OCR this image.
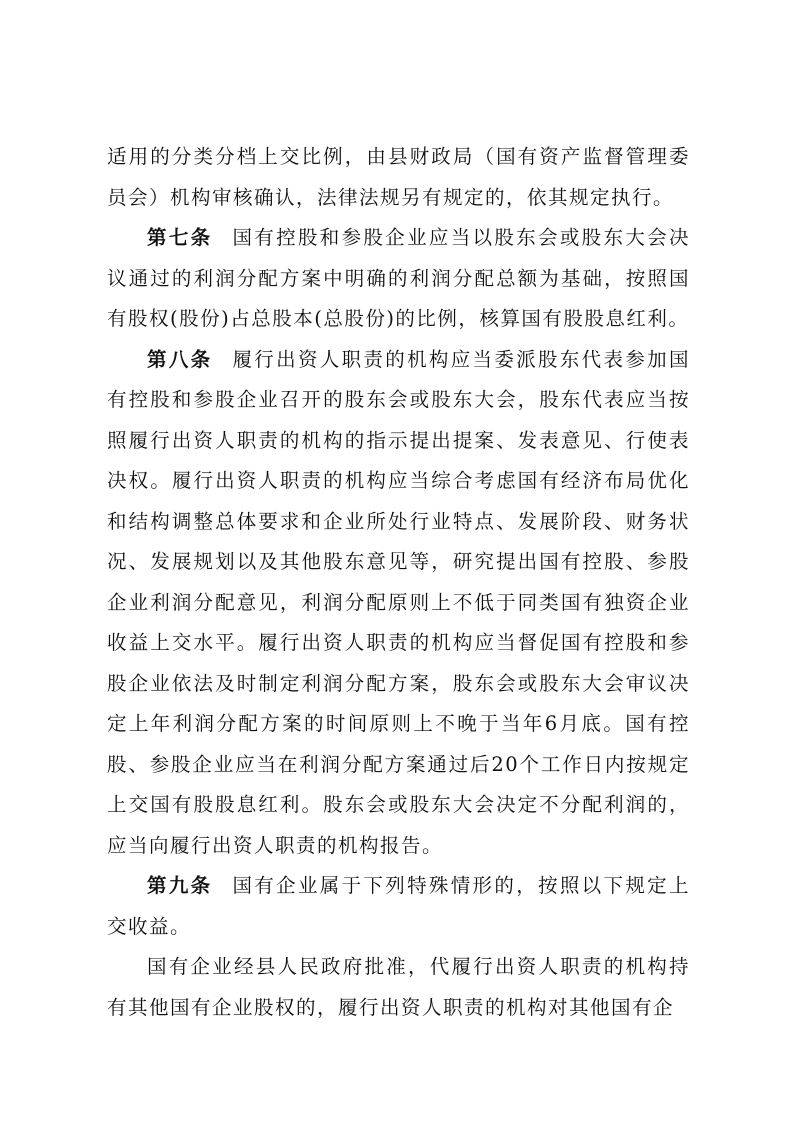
适用的分类分档上交比例，由县财政局（国有资产监督管理委员会）机构审核确认，法律法规另有规定的，依其规定执行。

第七条 国有控股和参股企业应当以股东会或股东大会决议通过的利润分配方案中明确的利润分配总额为基础，按照国有股权(股份)占总股本(总股份)的比例，核算国有股股息红利。

第八条 履行出资人职责的机构应当委派股东代表参加国有控股和参股企业召开的股东会或股东大会，股东代表应当按照履行出资人职责的机构的指示提出提案、发表意见、行使表决权。履行出资人职责的机构应当综合考虑国有经济布局优化和结构调整总体要求和企业所处行业特点、发展阶段、财务状况、发展规划以及其他股东意见等，研究提出国有控股、参股企业利润分配意见，利润分配原则上不低于同类国有独资企业收益上交水平。履行出资人职责的机构应当督促国有控股和参股企业依法及时制定利润分配方案，股东会或股东大会审议决定上年利润分配方案的时间原则上不晚于当年6月底。国有控股、参股企业应当在利润分配方案通过后20个工作日内按规定上交国有股股息红利。股东会或股东大会决定不分配利润的，应当向履行出资人职责的机构报告。

第九条 国有企业属于下列特殊情形的，按照以下规定上交收益。

国有企业经县人民政府批准，代履行出资人职责的机构持有其他国有企业股权的，履行出资人职责的机构对其他国有企
